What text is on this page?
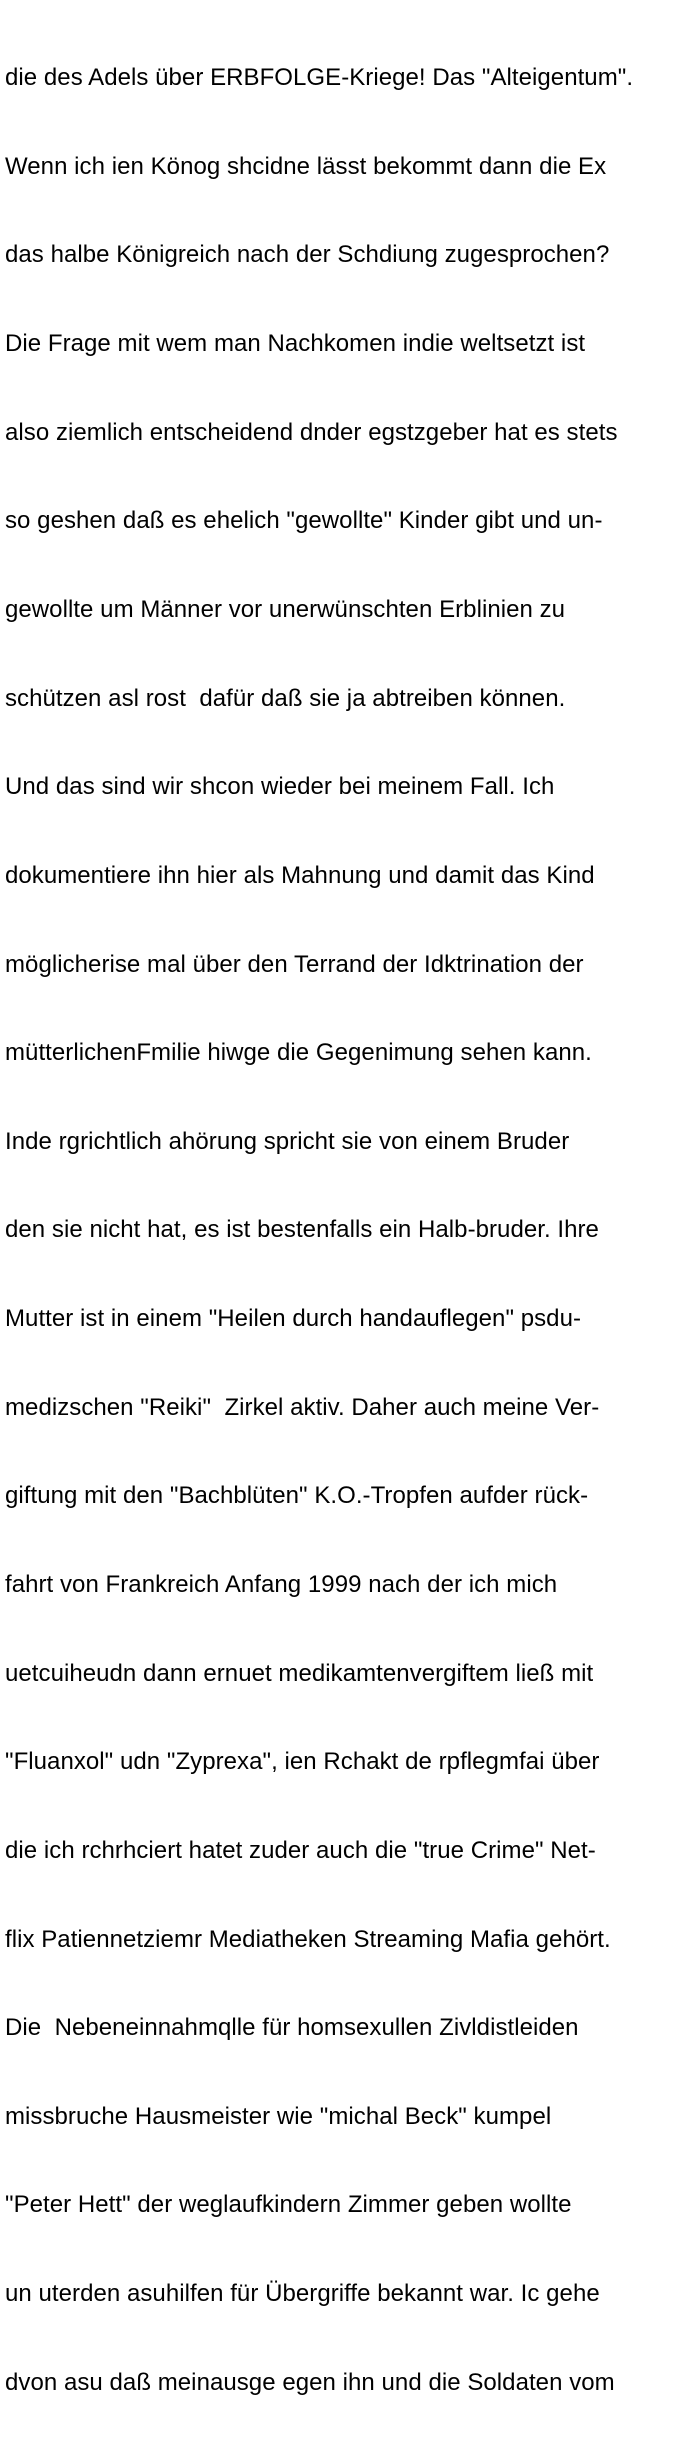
die des Adels über ERBFOLGE-Kriege! Das "Alteigentum".

Wenn ich ien Könog shcidne lässt bekommt dann die Ex

das halbe Königreich nach der Schdiung zugesprochen?

Die Frage mit wem man Nachkomen indie weltsetzt ist

also ziemlich entscheidend dnder egstzgeber hat es stets

so geshen daß es ehelich "gewollte" Kinder gibt und un-

gewollte um Männer vor unerwünschten Erblinien zu

schützen asl rost  dafür daß sie ja abtreiben können.

Und das sind wir shcon wieder bei meinem Fall. Ich

dokumentiere ihn hier als Mahnung und damit das Kind

möglicherise mal über den Terrand der Idktrination der

mütterlichenFmilie hiwge die Gegenimung sehen kann.

Inde rgrichtlich ahörung spricht sie von einem Bruder

den sie nicht hat, es ist bestenfalls ein Halb-bruder. Ihre

Mutter ist in einem "Heilen durch handauflegen" psdu-

medizschen "Reiki"  Zirkel aktiv. Daher auch meine Ver-

giftung mit den "Bachblüten" K.O.-Tropfen aufder rück-

fahrt von Frankreich Anfang 1999 nach der ich mich

uetcuiheudn dann ernuet medikamtenvergiftem ließ mit

"Fluanxol" udn "Zyprexa", ien Rchakt de rpflegmfai über

die ich rchrhciert hatet zuder auch die "true Crime" Net-

flix Patiennetziemr Mediatheken Streaming Mafia gehört.

Die  Nebeneinnahmqlle für homsexullen Zivldistleiden

missbruche Hausmeister wie "michal Beck" kumpel

"Peter Hett" der weglaufkindern Zimmer geben wollte

un uterden asuhilfen für Übergriffe bekannt war. Ic gehe

dvon asu daß meinausge egen ihn und die Soldaten vom
